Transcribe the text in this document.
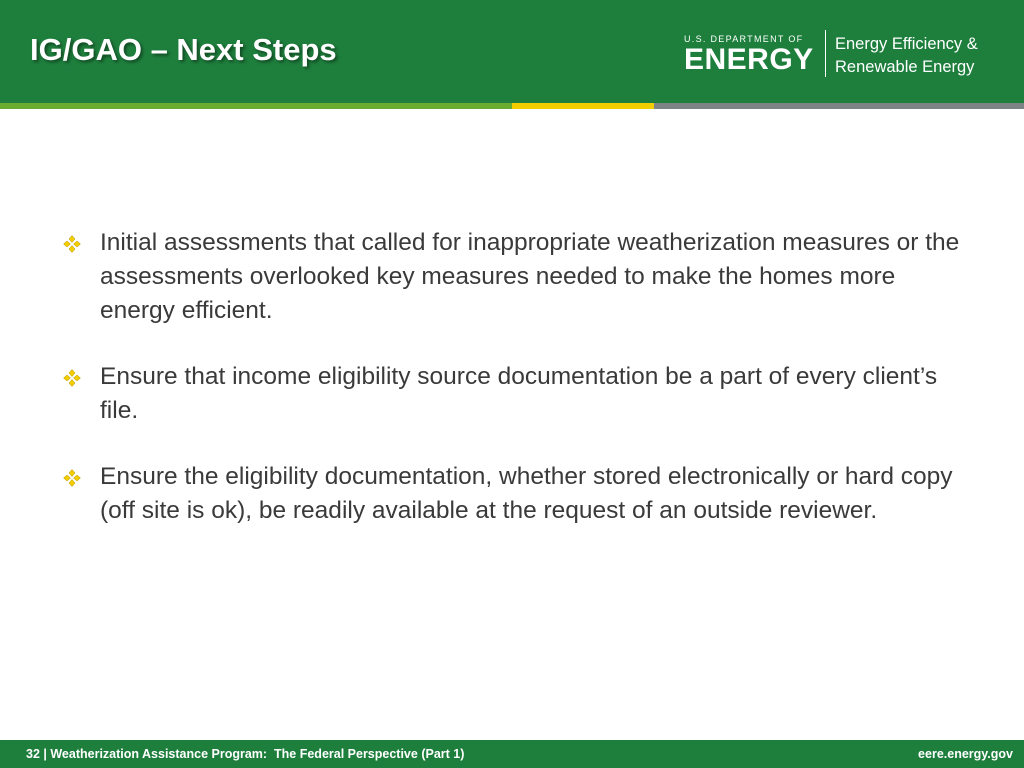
IG/GAO – Next Steps	U.S. DEPARTMENT OF
ENERGY Energy Efficiency &
Renewable Energy
Initial assessments that called for inappropriate weatherization measures or the assessments overlooked key measures needed to make the homes more energy efficient.
Ensure that income eligibility source documentation be a part of every client’s file.
Ensure the eligibility documentation, whether stored electronically or hard copy (off site is ok), be readily available at the request of an outside reviewer.
32 | Weatherization Assistance Program:  The Federal Perspective (Part 1)	eere.energy.gov
